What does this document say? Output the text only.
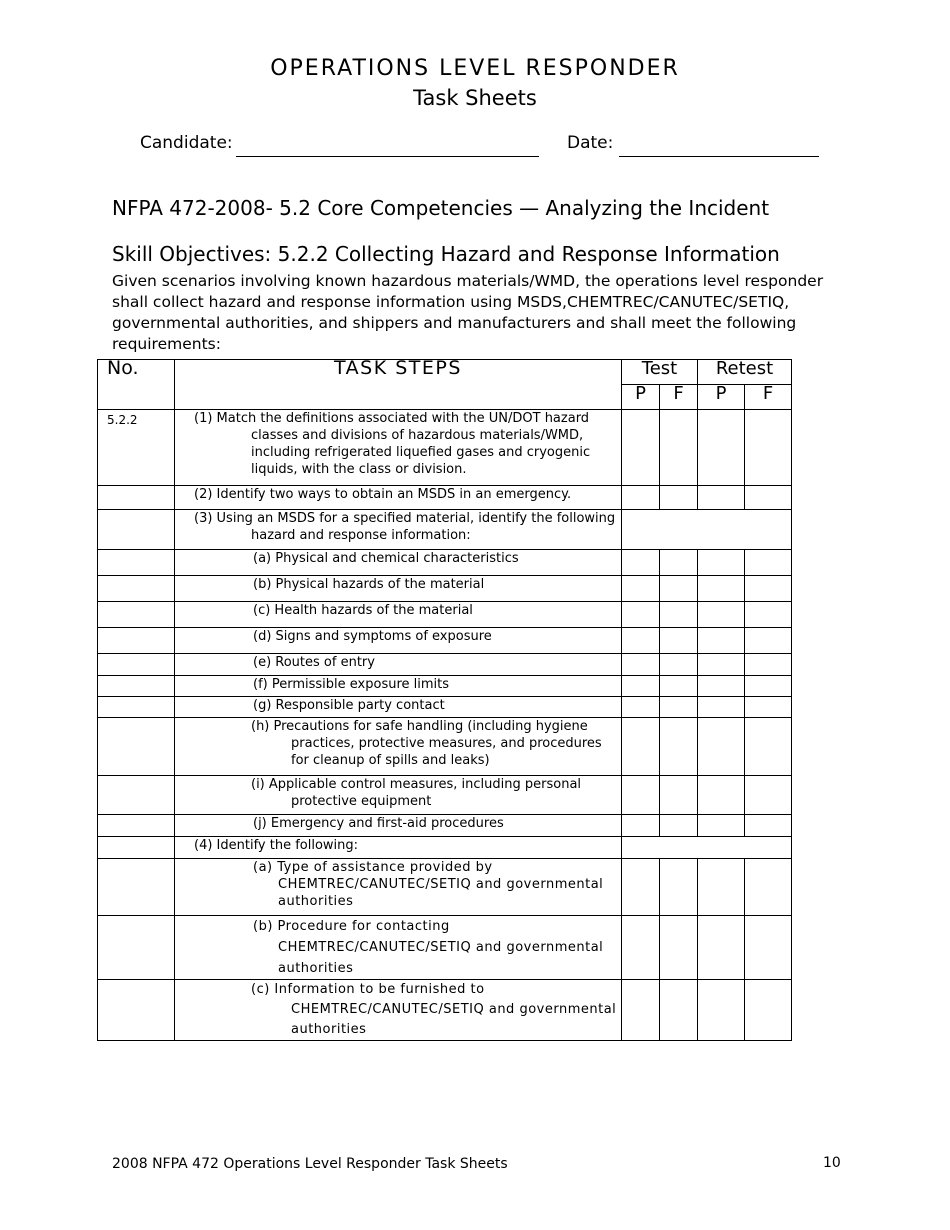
OPERATIONS LEVEL RESPONDER
Task Sheets
Candidate:	Date:
NFPA 472-2008- 5.2 Core Competencies — Analyzing the Incident
Skill Objectives: 5.2.2 Collecting Hazard and Response Information

Given scenarios involving known hazardous materials/WMD, the operations level responder shall collect hazard and response information using MSDS,CHEMTREC/CANUTEC/SETIQ, governmental authorities, and shippers and manufacturers and shall meet the following requirements:

No.	TASK STEPS	Test		Retest	
		P	F	P	F
5.2.2	(1) Match the definitions associated with the UN/DOT hazard classes and divisions of hazardous materials/WMD, including refrigerated liquefied gases and cryogenic liquids, with the class or division.				

	(2) Identify two ways to obtain an MSDS in an emergency.				

	(3) Using an MSDS for a specified material, identify the following hazard and response information:				

	(a) Physical and chemical characteristics				

	(b) Physical hazards of the material				

	(c) Health hazards of the material				

	(d) Signs and symptoms of exposure				

	(e) Routes of entry				

	(f) Permissible exposure limits				

	(g) Responsible party contact				

	(h) Precautions for safe handling (including hygiene practices, protective measures, and procedures for cleanup of spills and leaks)				

	(i) Applicable control measures, including personal protective equipment				

	(j) Emergency and first-aid procedures				

	(4) Identify the following:				

	(a) Type of assistance provided by CHEMTREC/CANUTEC/SETIQ and governmental authorities				

	(b) Procedure for contacting CHEMTREC/CANUTEC/SETIQ and governmental authorities				

	(c) Information to be furnished to CHEMTREC/CANUTEC/SETIQ and governmental authorities				

2008 NFPA 472 Operations Level Responder Task Sheets	10
